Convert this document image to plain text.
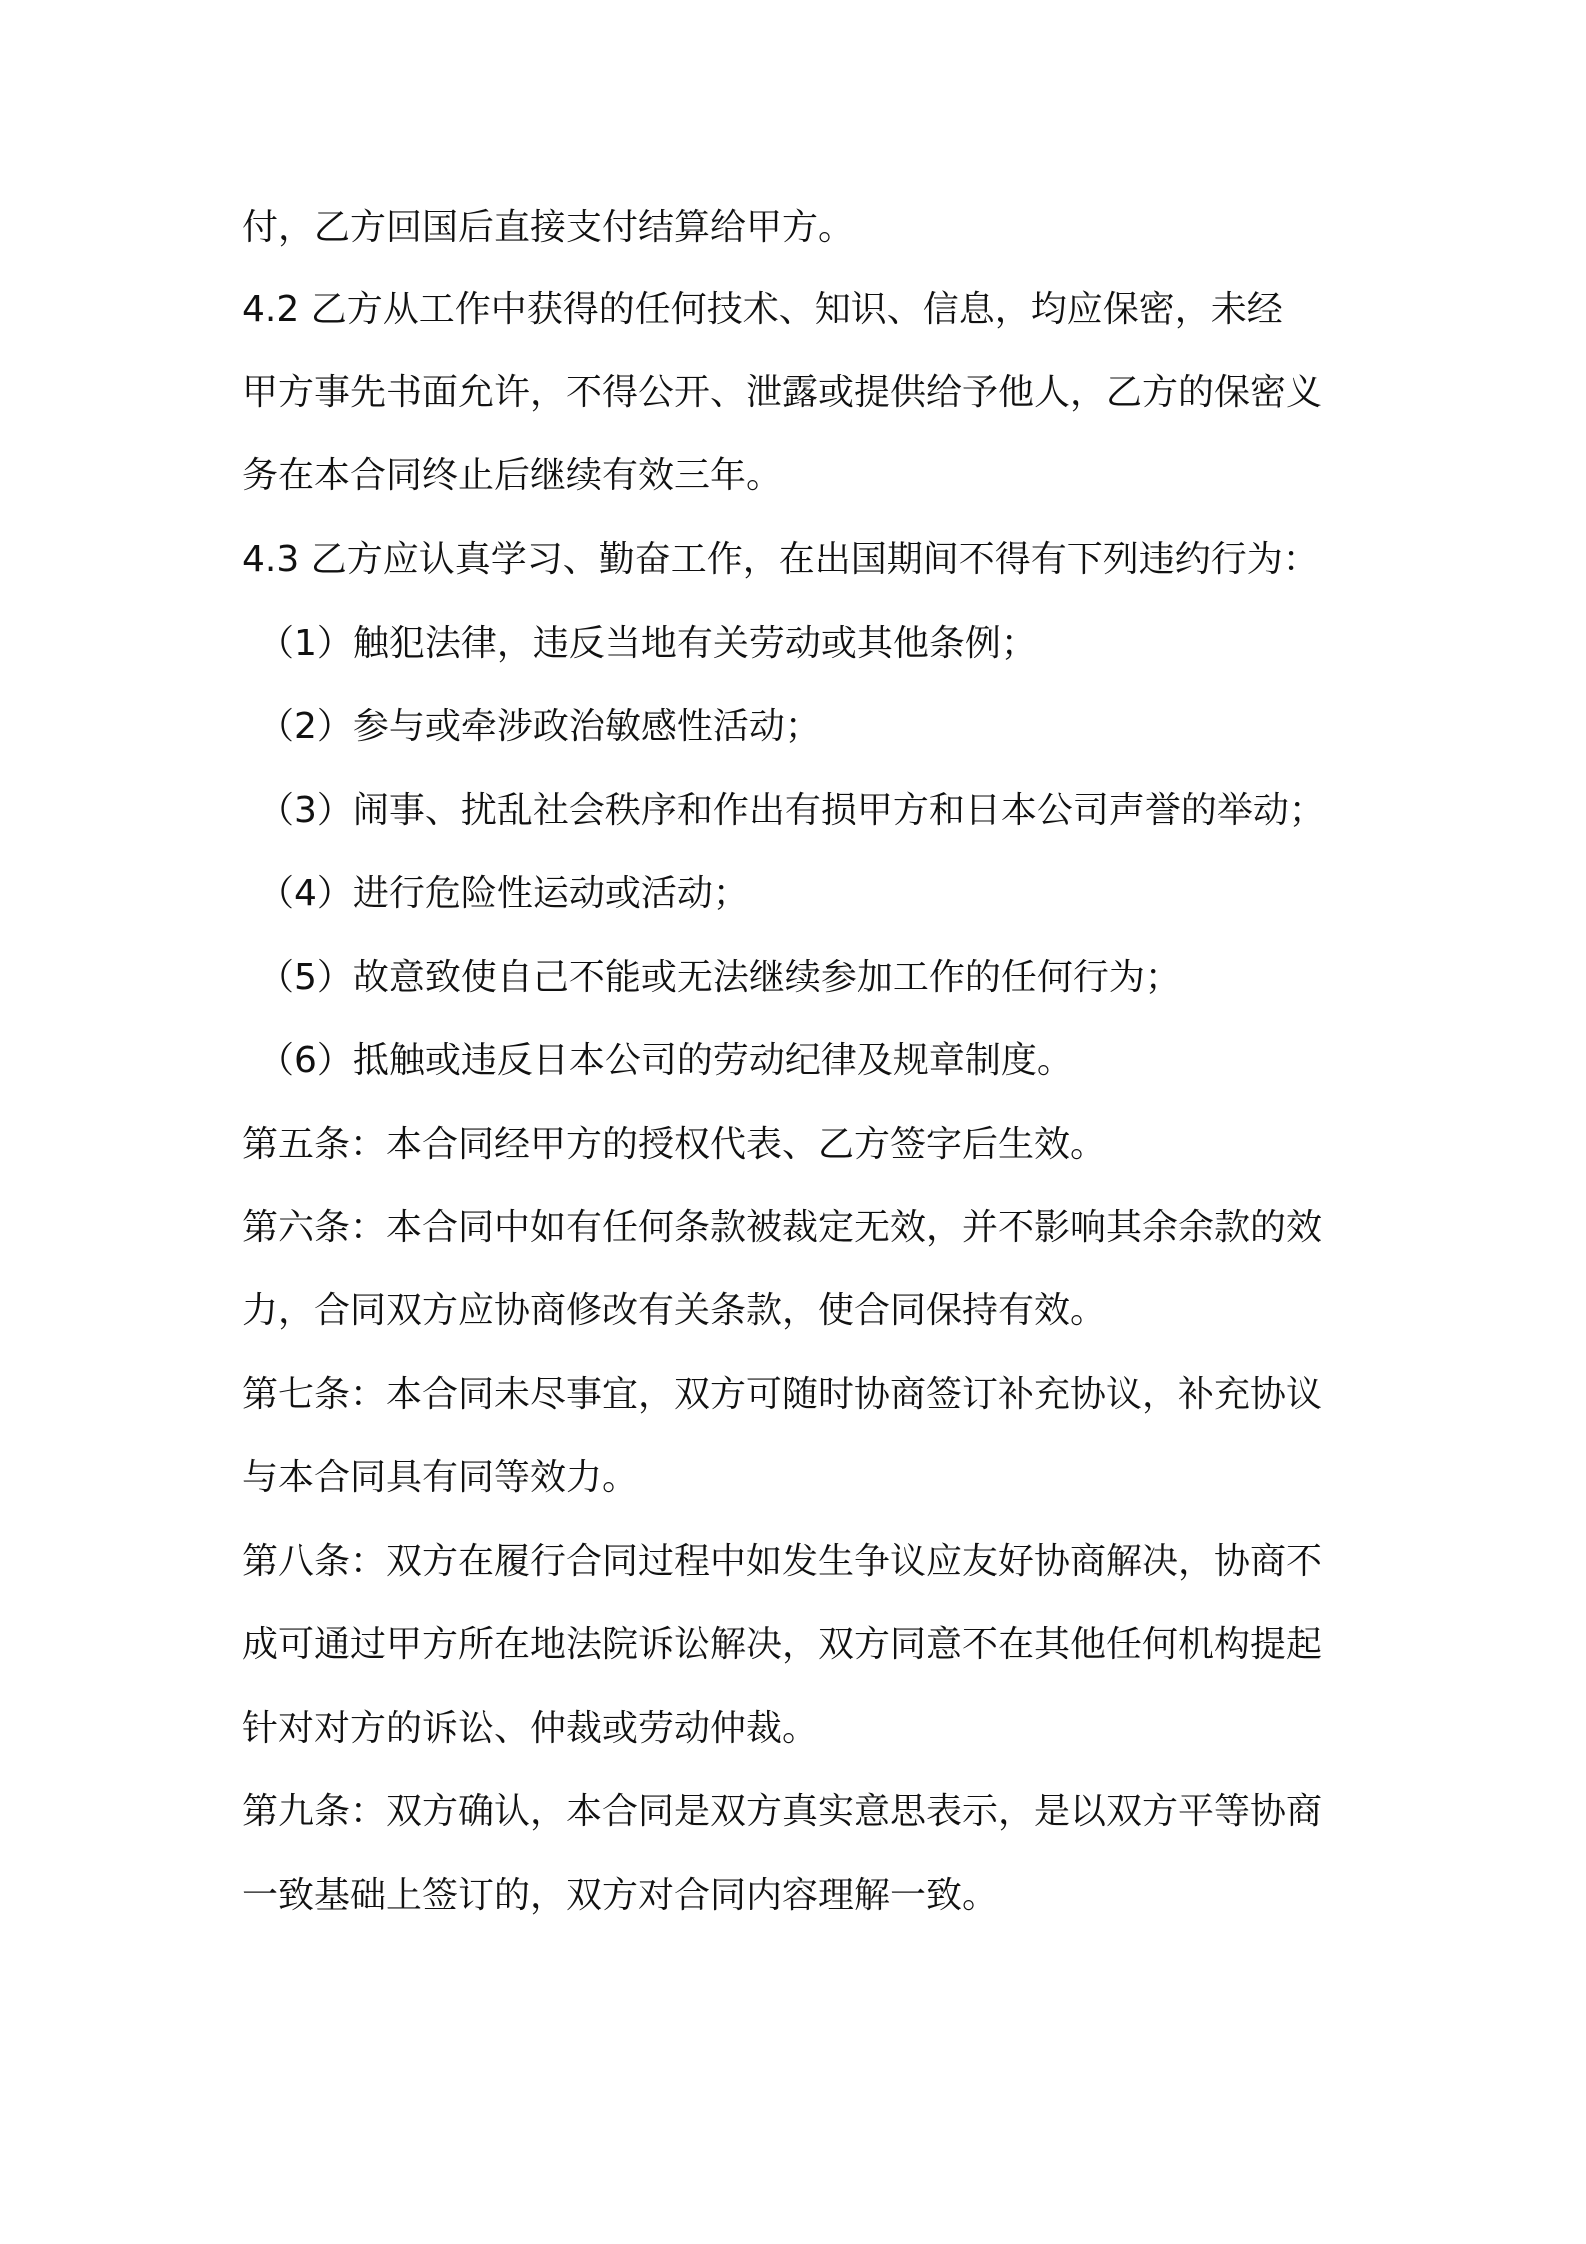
付，乙方回国后直接支付结算给甲方。
4.2 乙方从工作中获得的任何技术、知识、信息，均应保密，未经
甲方事先书面允许，不得公开、泄露或提供给予他人，乙方的保密义
务在本合同终止后继续有效三年。
4.3 乙方应认真学习、勤奋工作，在出国期间不得有下列违约行为：
（1）触犯法律，违反当地有关劳动或其他条例；
（2）参与或牵涉政治敏感性活动；
（3）闹事、扰乱社会秩序和作出有损甲方和日本公司声誉的举动；
（4）进行危险性运动或活动；
（5）故意致使自己不能或无法继续参加工作的任何行为；
（6）抵触或违反日本公司的劳动纪律及规章制度。
第五条：本合同经甲方的授权代表、乙方签字后生效。
第六条：本合同中如有任何条款被裁定无效，并不影响其余余款的效
力，合同双方应协商修改有关条款，使合同保持有效。
第七条：本合同未尽事宜，双方可随时协商签订补充协议，补充协议
与本合同具有同等效力。
第八条：双方在履行合同过程中如发生争议应友好协商解决，协商不
成可通过甲方所在地法院诉讼解决，双方同意不在其他任何机构提起
针对对方的诉讼、仲裁或劳动仲裁。
第九条：双方确认，本合同是双方真实意思表示，是以双方平等协商
一致基础上签订的，双方对合同内容理解一致。
